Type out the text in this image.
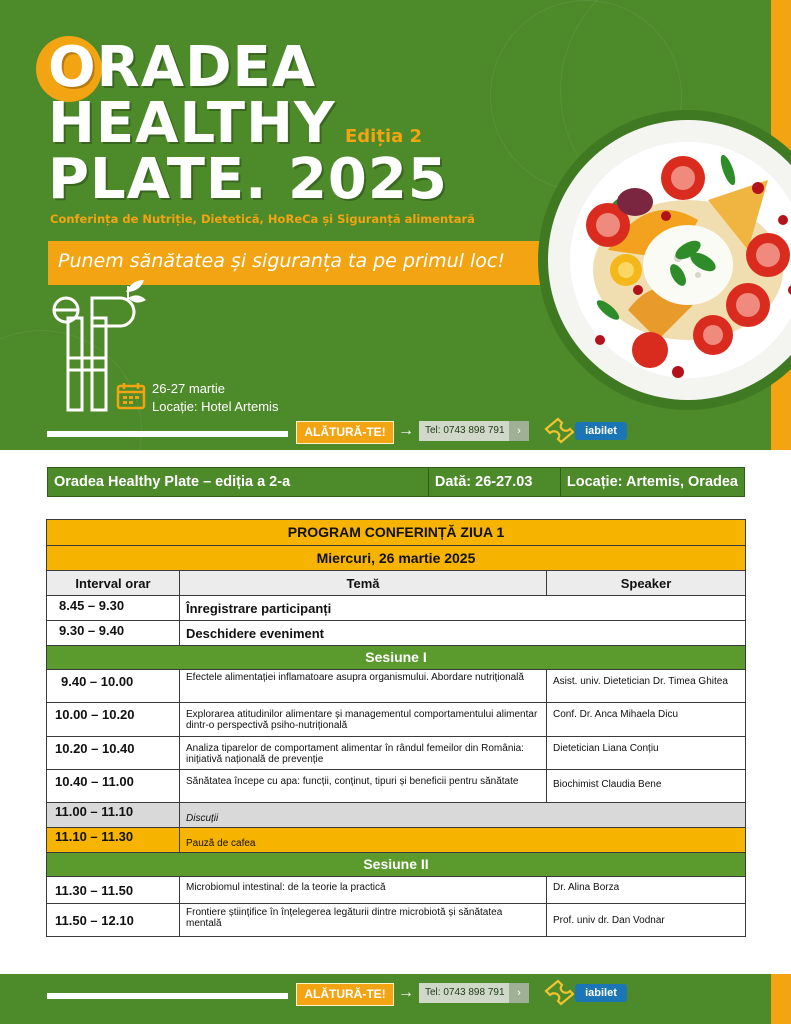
ORADEA
HEALTHY
PLATE. 2025
Ediția 2
Conferința de Nutriție, Dietetică, HoReCa și Siguranță alimentară
Punem sănătatea și siguranța ta pe primul loc!
26-27 martie
Locație: Hotel Artemis
ALĂTURĂ-TE! →	Tel: 0743 898 791	›	iabilet
Oradea Healthy Plate – ediția a 2-a	Dată: 26-27.03	Locație: Artemis, Oradea
PROGRAM CONFERINȚĂ ZIUA 1		
Miercuri, 26 martie 2025		
Interval orar	Temă	Speaker
8.45 – 9.30	Înregistrare participanți	
9.30 – 9.40	Deschidere eveniment	
Sesiune I		
9.40 – 10.00	Efectele alimentației inflamatoare asupra organismului. Abordare nutrițională	Asist. univ. Dietetician Dr. Timea Ghitea
10.00 – 10.20	Explorarea atitudinilor alimentare și managementul comportamentului alimentar dintr-o perspectivă psiho-nutrițională	Conf. Dr. Anca Mihaela Dicu
10.20 – 10.40	Analiza tiparelor de comportament alimentar în rândul femeilor din România: inițiativă națională de prevenție	Dietetician Liana Conțiu
10.40 – 11.00	Sănătatea începe cu apa: funcții, conținut, tipuri și beneficii pentru sănătate	Biochimist Claudia Bene
11.00 – 11.10	Discuții	
11.10 – 11.30	Pauză de cafea	
Sesiune II		
11.30 – 11.50	Microbiomul intestinal: de la teorie la practică	Dr. Alina Borza
11.50 – 12.10	Frontiere științifice în înțelegerea legăturii dintre microbiotă și sănătatea mentală	Prof. univ dr. Dan Vodnar
ALĂTURĂ-TE! →	Tel: 0743 898 791	›	iabilet
